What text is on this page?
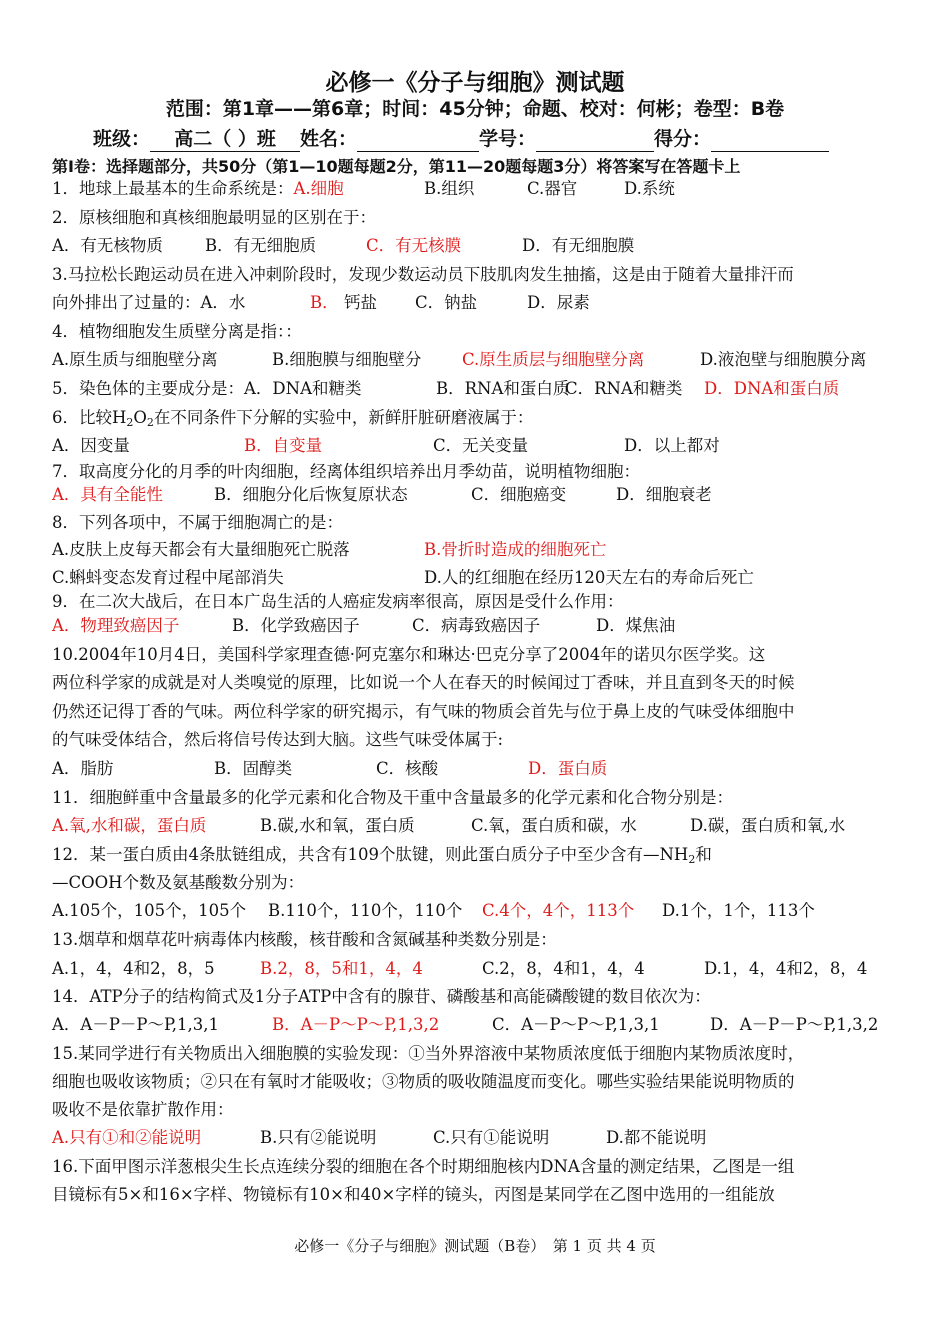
必修一《分子与细胞》测试题
范围：第1章——第6章；时间：45分钟；命题、校对：何彬；卷型：B卷
班级： 高二（ ）班 姓名：	学号：	得分：
第Ⅰ卷：选择题部分，共50分（第1—10题每题2分，第11—20题每题3分）将答案写在答题卡上
1．地球上最基本的生命系统是：A.细胞	B.组织	C.器官	D.系统
2．原核细胞和真核细胞最明显的区别在于：
A．有无核物质	B．有无细胞质	C．有无核膜	D．有无细胞膜
3.马拉松长跑运动员在进入冲刺阶段时，发现少数运动员下肢肌肉发生抽搐，这是由于随着大量排汗而
向外排出了过量的：A．水	B． 钙盐 C．钠盐	D．尿素
4．植物细胞发生质壁分离是指：：
A.原生质与细胞壁分离	B.细胞膜与细胞壁分 C.原生质层与细胞壁分离	D.液泡壁与细胞膜分离
5．染色体的主要成分是：A．DNA和糖类	B．RNA和蛋白质
C．RNA和糖类 D．DNA和蛋白质
6．比较$H_2O_2$在不同条件下分解的实验中，新鲜肝脏研磨液属于：
A．因变量	B．自变量	C．无关变量	D．以上都对
7．取高度分化的月季的叶肉细胞，经离体组织培养出月季幼苗，说明植物细胞：
A．具有全能性	B．细胞分化后恢复原状态	C．细胞癌变	D．细胞衰老
8．下列各项中，不属于细胞凋亡的是：
A.皮肤上皮每天都会有大量细胞死亡脱落	B.骨折时造成的细胞死亡
C.蝌蚪变态发育过程中尾部消失	D.人的红细胞在经历120天左右的寿命后死亡
9．在二次大战后，在日本广岛生活的人癌症发病率很高，原因是受什么作用：
A．物理致癌因子	B．化学致癌因子	C．病毒致癌因子	D．煤焦油
10.2004年10月4日，美国科学家理查德·阿克塞尔和琳达·巴克分享了2004年的诺贝尔医学奖。这
两位科学家的成就是对人类嗅觉的原理，比如说一个人在春天的时候闻过丁香味，并且直到冬天的时候
仍然还记得丁香的气味。两位科学家的研究揭示，有气味的物质会首先与位于鼻上皮的气味受体细胞中
的气味受体结合，然后将信号传达到大脑。这些气味受体属于:
A．脂肪	B．固醇类	C．核酸	D．蛋白质
11．细胞鲜重中含量最多的化学元素和化合物及干重中含量最多的化学元素和化合物分别是：
A.氧,水和碳，蛋白质	B.碳,水和氧，蛋白质	C.氧，蛋白质和碳，水	D.碳，蛋白质和氧,水
12．某一蛋白质由4条肽链组成，共含有109个肽键，则此蛋白质分子中至少含有$—NH_2$和
—COOH个数及氨基酸数分别为：
A.105个，105个，105个 B.110个，110个，110个 C.4个，4个，113个 D.1个，1个，113个
13.烟草和烟草花叶病毒体内核酸，核苷酸和含氮碱基种类数分别是：
A.1，4，4和2，8，5	B.2，8，5和1，4，4	C.2，8，4和1，4，4	D.1，4，4和2，8，4
14．ATP分子的结构简式及1分子ATP中含有的腺苷、磷酸基和高能磷酸键的数目依次为：
A．A－P－P～P,1,3,1	B．A－P～P～P,1,3,2	C．A－P～P～P,1,3,1	D．A－P－P～P,1,3,2
15.某同学进行有关物质出入细胞膜的实验发现：①当外界溶液中某物质浓度低于细胞内某物质浓度时，
细胞也吸收该物质；②只在有氧时才能吸收；③物质的吸收随温度而变化。哪些实验结果能说明物质的
吸收不是依靠扩散作用：
A.只有①和②能说明	B.只有②能说明	C.只有①能说明	D.都不能说明
16.下面甲图示洋葱根尖生长点连续分裂的细胞在各个时期细胞核内DNA含量的测定结果，乙图是一组
目镜标有5×和16×字样、物镜标有10×和40×字样的镜头，丙图是某同学在乙图中选用的一组能放
必修一《分子与细胞》测试题（B卷）　第 1 页 共 4 页
